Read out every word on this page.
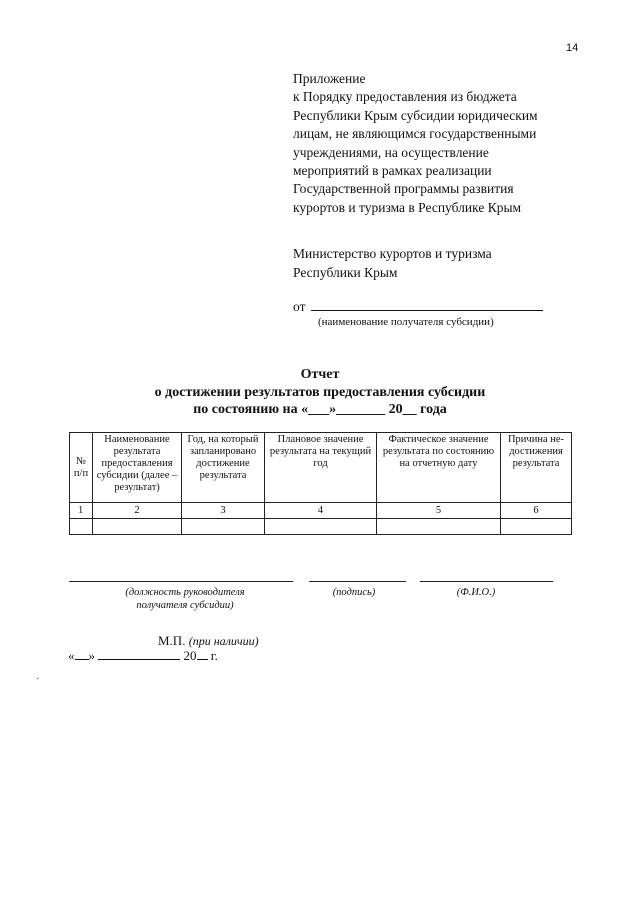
14
Приложение
к Порядку предоставления из бюджета
Республики Крым субсидии юридическим
лицам, не являющимся государственными
учреждениями, на осуществление
мероприятий в рамках реализации
Государственной программы развития
курортов и туризма в Республике Крым
Министерство курортов и туризма
Республики Крым
от
(наименование получателя субсидии)
Отчет
о достижении результатов предоставления субсидии
по состоянию на «___»_______ 20__ года
№ п/п	Наименование результата предоставления субсидии (далее – результат)	Год, на который запланировано достижение результата	Плановое значение результата на текущий год	Фактическое значение результата по состоянию на отчетную дату	Причина не-достижения результата
1	2	3	4	5	6

(должность руководителя получателя субсидии)
(подпись)	(Ф.И.О.)
М.П. (при наличии)
« »	20 г.
·
